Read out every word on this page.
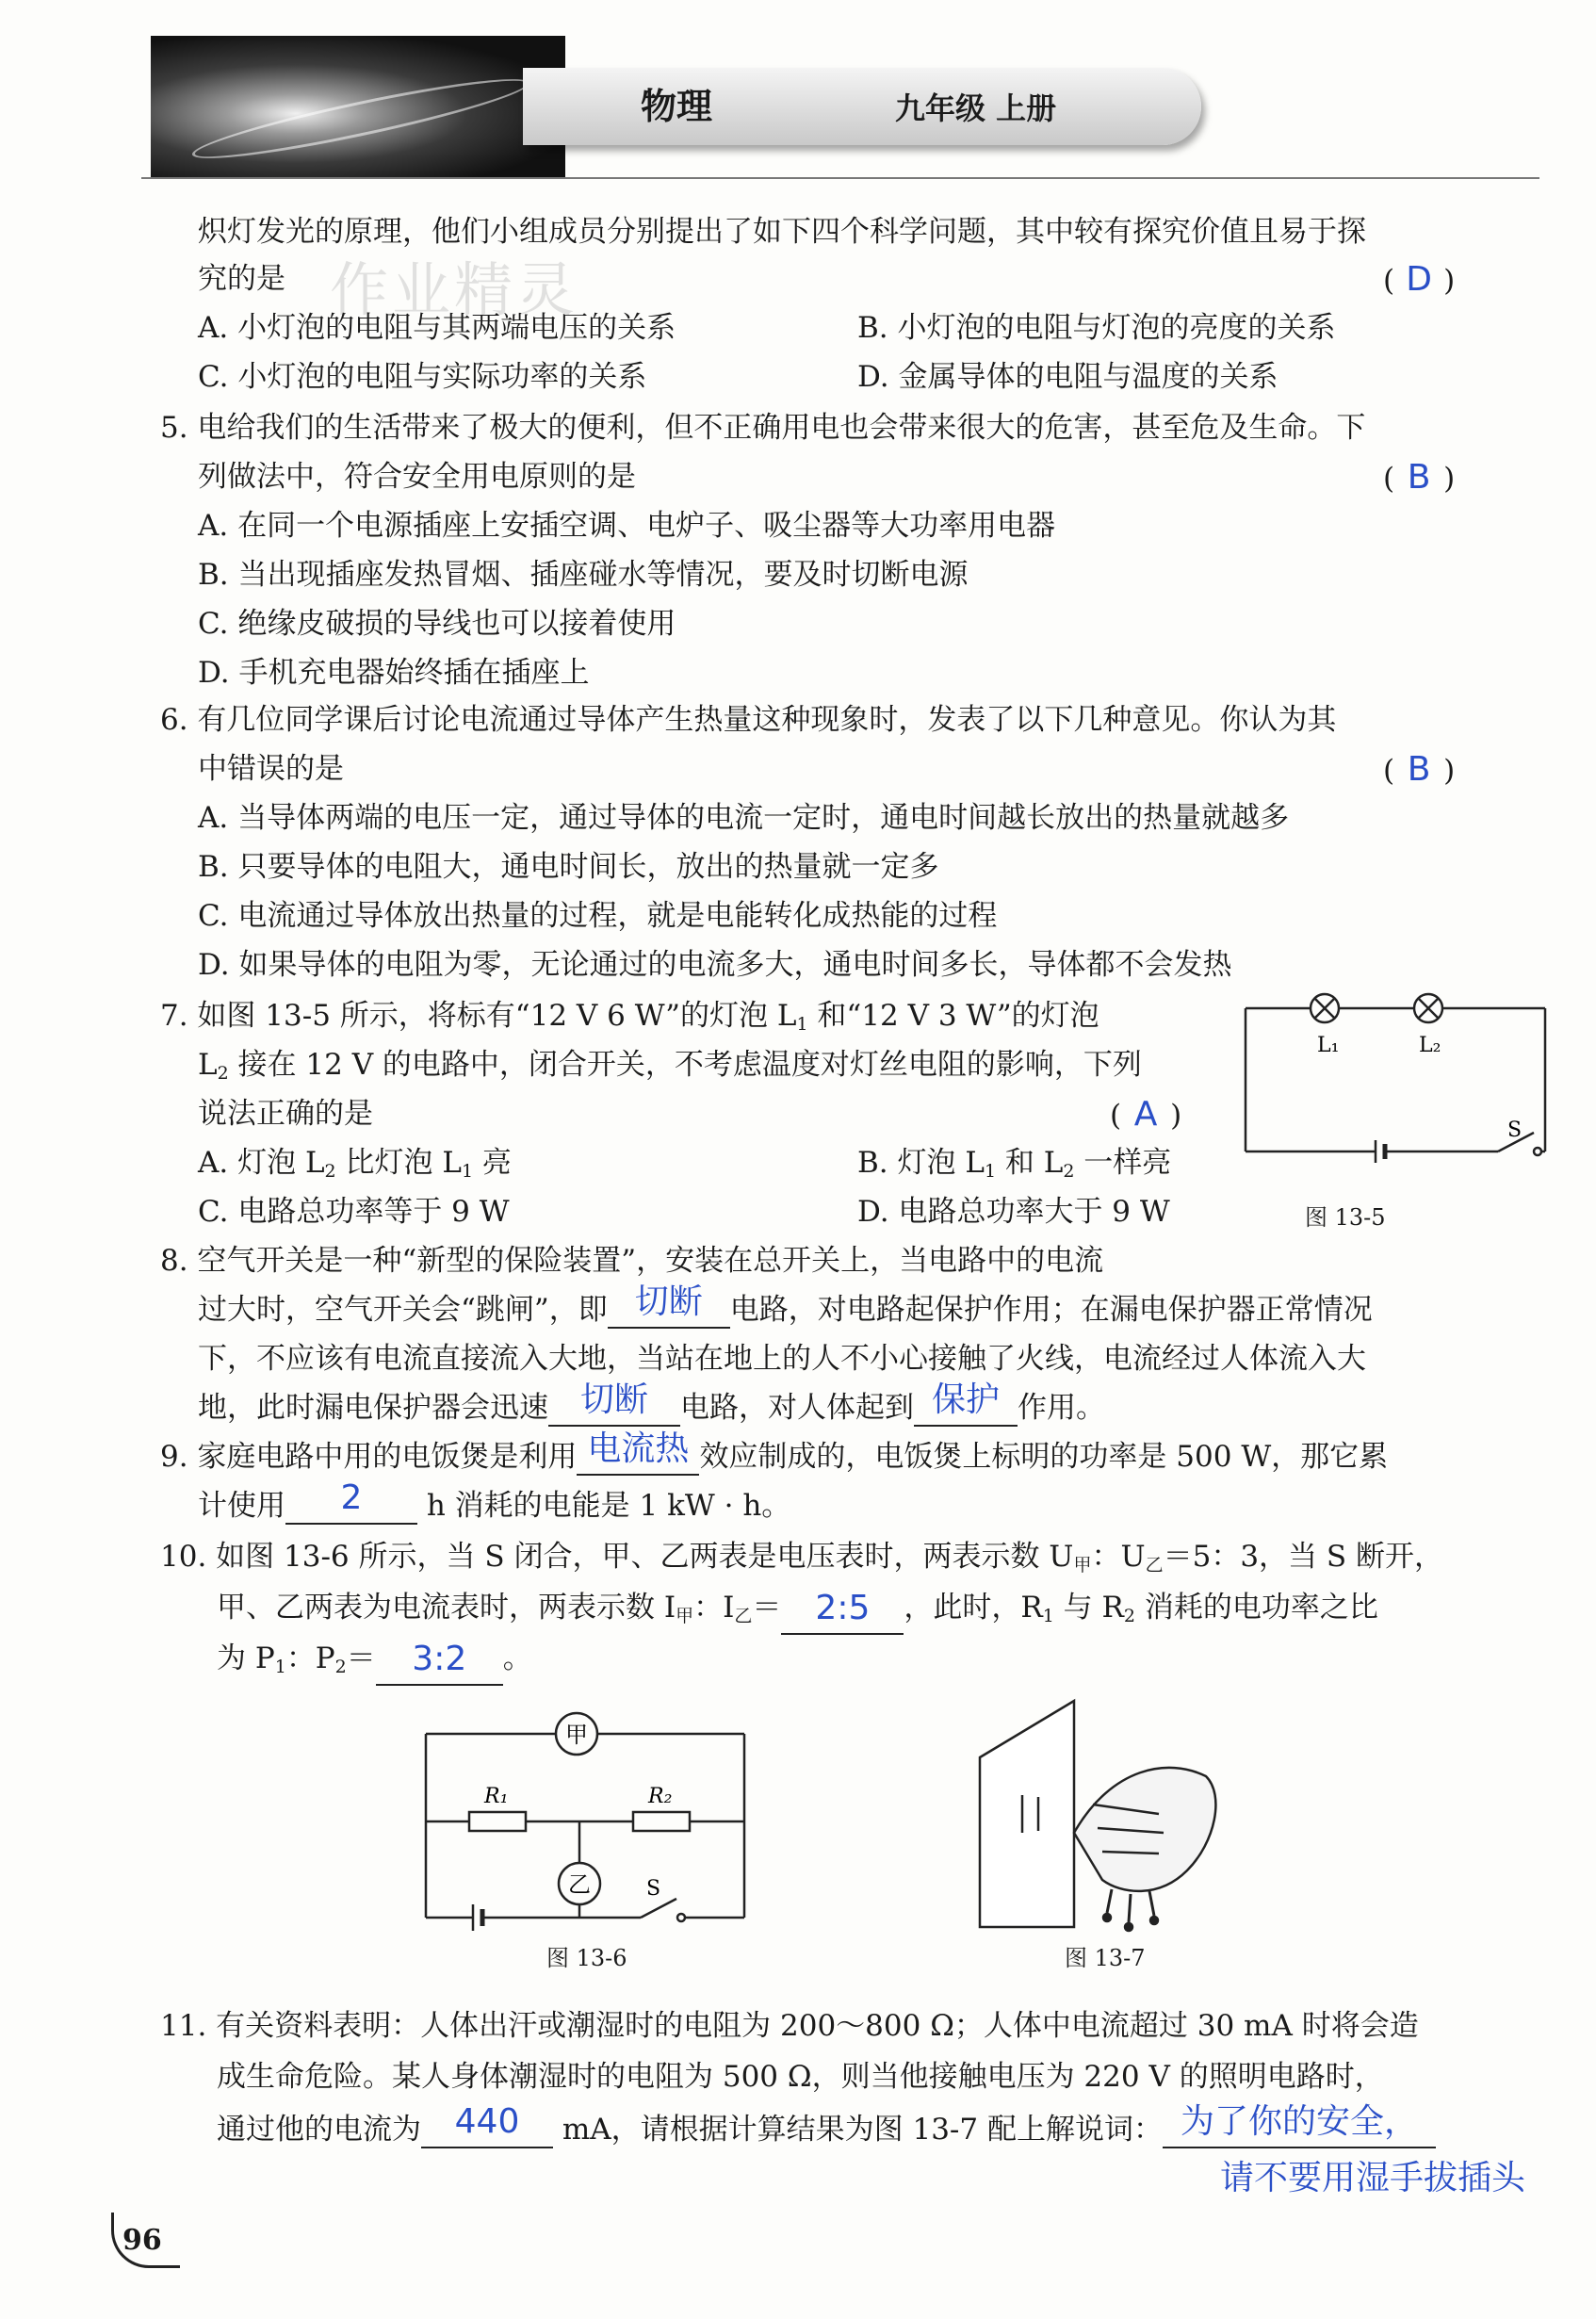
物理	九年级 上册
作业精灵
炽灯发光的原理，他们小组成员分别提出了如下四个科学问题，其中较有探究价值且易于探
究的是	( D )
A. 小灯泡的电阻与其两端电压的关系	B. 小灯泡的电阻与灯泡的亮度的关系
C. 小灯泡的电阻与实际功率的关系	D. 金属导体的电阻与温度的关系
5. 电给我们的生活带来了极大的便利，但不正确用电也会带来很大的危害，甚至危及生命。下
列做法中，符合安全用电原则的是	( B )
A. 在同一个电源插座上安插空调、电炉子、吸尘器等大功率用电器
B. 当出现插座发热冒烟、插座碰水等情况，要及时切断电源
C. 绝缘皮破损的导线也可以接着使用
D. 手机充电器始终插在插座上
6. 有几位同学课后讨论电流通过导体产生热量这种现象时，发表了以下几种意见。你认为其
中错误的是	( B )
A. 当导体两端的电压一定，通过导体的电流一定时，通电时间越长放出的热量就越多
B. 只要导体的电阻大，通电时间长，放出的热量就一定多
C. 电流通过导体放出热量的过程，就是电能转化成热能的过程
D. 如果导体的电阻为零，无论通过的电流多大，通电时间多长，导体都不会发热
7. 如图 13-5 所示，将标有“12 V 6 W”的灯泡 $L_1$ 和“12 V 3 W”的灯泡
$L_2$ 接在 12 V 的电路中，闭合开关，不考虑温度对灯丝电阻的影响，下列
说法正确的是	( A )
A. 灯泡 $L_2$ 比灯泡 $L_1$ 亮	B. 灯泡 $L_1$ 和 $L_2$ 一样亮
C. 电路总功率等于 9 W	D. 电路总功率大于 9 W
L₁	L₂
S
图 13-5
8. 空气开关是一种“新型的保险装置”，安装在总开关上，当电路中的电流
过大时，空气开关会“跳闸”，即 切断 电路，对电路起保护作用；在漏电保护器正常情况
下，不应该有电流直接流入大地，当站在地上的人不小心接触了火线，电流经过人体流入大
地，此时漏电保护器会迅速 切断 电路，对人体起到 保护 作用。
9. 家庭电路中用的电饭煲是利用 电流热 效应制成的，电饭煲上标明的功率是 500 W，那它累
计使用 2 h 消耗的电能是 1 kW · h。
10. 如图 13-6 所示，当 S 闭合，甲、乙两表是电压表时，两表示数 $U_甲$：$U_乙=5$：3，当 S 断开，
甲、乙两表为电流表时，两表示数 $I_甲$：$I_乙=$ 2:5 ，此时，$R_1$ 与 $R_2$ 消耗的电功率之比
为 $P_1$：$P_2=$ 3:2 。
甲
乙
R₁	R₂
S
图 13-6	图 13-7
11. 有关资料表明：人体出汗或潮湿时的电阻为 200～800 Ω；人体中电流超过 30 mA 时将会造
成生命危险。某人身体潮湿时的电阻为 500 Ω，则当他接触电压为 220 V 的照明电路时，
通过他的电流为 440 mA，请根据计算结果为图 13-7 配上解说词： 为了你的安全，
请不要用湿手拔插头
96
